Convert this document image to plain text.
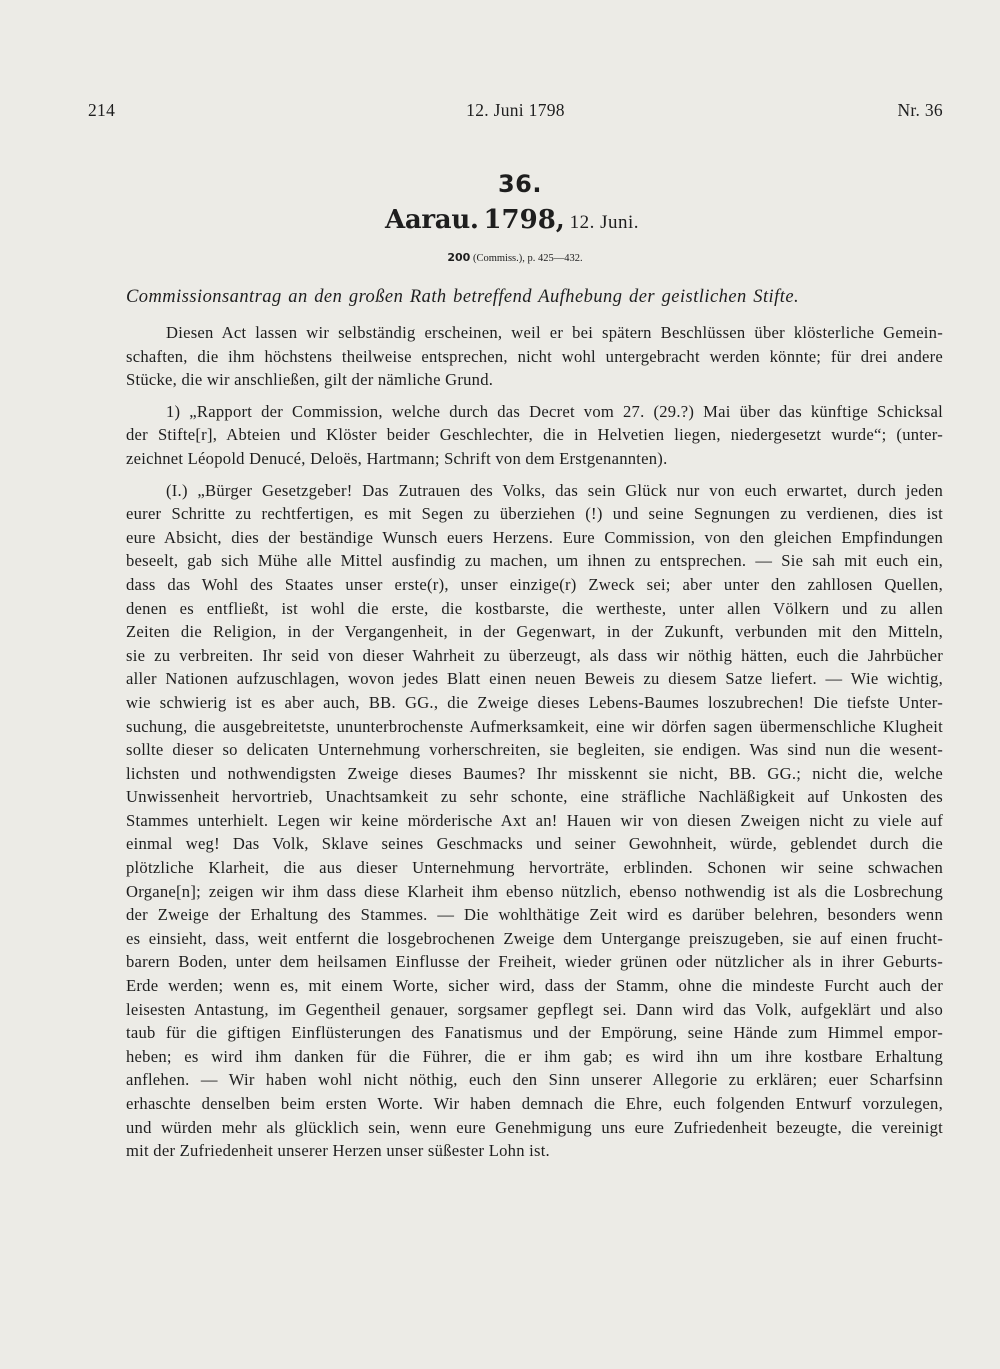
214	12. Juni 1798	Nr. 36
36.
Aarau. 1798, 12. Juni.
200 (Commiss.), p. 425—432.
Commissionsantrag an den großen Rath betreffend Aufhebung der geistlichen Stifte.
Diesen Act lassen wir selbständig erscheinen, weil er bei spätern Beschlüssen über klösterliche Gemein-
schaften, die ihm höchstens theilweise entsprechen, nicht wohl untergebracht werden könnte; für drei andere
Stücke, die wir anschließen, gilt der nämliche Grund.
1) „Rapport der Commission, welche durch das Decret vom 27. (29.?) Mai über das künftige Schicksal
der Stifte[r], Abteien und Klöster beider Geschlechter, die in Helvetien liegen, niedergesetzt wurde“; (unter-
zeichnet Léopold Denucé, Deloës, Hartmann; Schrift von dem Erstgenannten).
(I.) „Bürger Gesetzgeber! Das Zutrauen des Volks, das sein Glück nur von euch erwartet, durch jeden
eurer Schritte zu rechtfertigen, es mit Segen zu überziehen (!) und seine Segnungen zu verdienen, dies ist
eure Absicht, dies der beständige Wunsch euers Herzens. Eure Commission, von den gleichen Empfindungen
beseelt, gab sich Mühe alle Mittel ausfindig zu machen, um ihnen zu entsprechen. — Sie sah mit euch ein,
dass das Wohl des Staates unser erste(r), unser einzige(r) Zweck sei; aber unter den zahllosen Quellen,
denen es entfließt, ist wohl die erste, die kostbarste, die wertheste, unter allen Völkern und zu allen
Zeiten die Religion, in der Vergangenheit, in der Gegenwart, in der Zukunft, verbunden mit den Mitteln,
sie zu verbreiten. Ihr seid von dieser Wahrheit zu überzeugt, als dass wir nöthig hätten, euch die Jahrbücher
aller Nationen aufzuschlagen, wovon jedes Blatt einen neuen Beweis zu diesem Satze liefert. — Wie wichtig,
wie schwierig ist es aber auch, BB. GG., die Zweige dieses Lebens-Baumes loszubrechen! Die tiefste Unter-
suchung, die ausgebreitetste, ununterbrochenste Aufmerksamkeit, eine wir dörfen sagen übermenschliche Klugheit
sollte dieser so delicaten Unternehmung vorherschreiten, sie begleiten, sie endigen. Was sind nun die wesent-
lichsten und nothwendigsten Zweige dieses Baumes? Ihr misskennt sie nicht, BB. GG.; nicht die, welche
Unwissenheit hervortrieb, Unachtsamkeit zu sehr schonte, eine sträfliche Nachläßigkeit auf Unkosten des
Stammes unterhielt. Legen wir keine mörderische Axt an! Hauen wir von diesen Zweigen nicht zu viele auf
einmal weg! Das Volk, Sklave seines Geschmacks und seiner Gewohnheit, würde, geblendet durch die
plötzliche Klarheit, die aus dieser Unternehmung hervorträte, erblinden. Schonen wir seine schwachen
Organe[n]; zeigen wir ihm dass diese Klarheit ihm ebenso nützlich, ebenso nothwendig ist als die Losbrechung
der Zweige der Erhaltung des Stammes. — Die wohlthätige Zeit wird es darüber belehren, besonders wenn
es einsieht, dass, weit entfernt die losgebrochenen Zweige dem Untergange preiszugeben, sie auf einen frucht-
barern Boden, unter dem heilsamen Einflusse der Freiheit, wieder grünen oder nützlicher als in ihrer Geburts-
Erde werden; wenn es, mit einem Worte, sicher wird, dass der Stamm, ohne die mindeste Furcht auch der
leisesten Antastung, im Gegentheil genauer, sorgsamer gepflegt sei. Dann wird das Volk, aufgeklärt und also
taub für die giftigen Einflüsterungen des Fanatismus und der Empörung, seine Hände zum Himmel empor-
heben; es wird ihm danken für die Führer, die er ihm gab; es wird ihn um ihre kostbare Erhaltung
anflehen. — Wir haben wohl nicht nöthig, euch den Sinn unserer Allegorie zu erklären; euer Scharfsinn
erhaschte denselben beim ersten Worte. Wir haben demnach die Ehre, euch folgenden Entwurf vorzulegen,
und würden mehr als glücklich sein, wenn eure Genehmigung uns eure Zufriedenheit bezeugte, die vereinigt
mit der Zufriedenheit unserer Herzen unser süßester Lohn ist.
